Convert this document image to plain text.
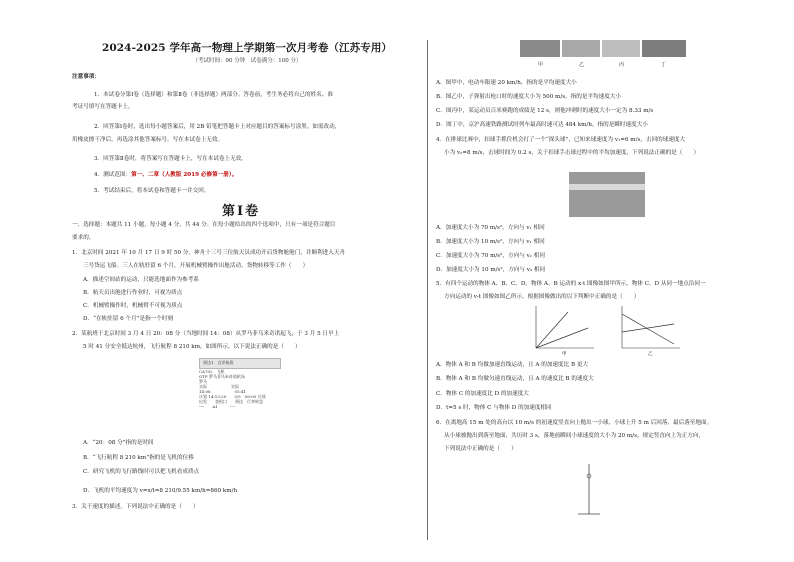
2024-2025 学年高一物理上学期第一次月考卷（江苏专用）
（考试时间：90 分钟　试卷满分：100 分）
注意事项：
1．本试卷分第Ⅰ卷（选择题）和第Ⅱ卷（非选择题）两部分。答卷前，考生务必将自己的姓名、准
考证号填写在答题卡上。
2．回答第Ⅰ卷时，选出每小题答案后，用 2B 铅笔把答题卡上对应题目的答案标号涂黑。如需改动，
用橡皮擦干净后，再选涂其他答案标号。写在本试卷上无效。
3．回答第Ⅱ卷时，将答案写在答题卡上，写在本试卷上无效。
4．测试范围：第一、二章（人教版 2019 必修第一册）。
5．考试结束后，将本试卷和答题卡一并交回。
第Ⅰ卷
一、选择题：本题共 11 小题，每小题 4 分，共 44 分。在每小题给出的四个选项中，只有一项是符合题目
要求的。
1．北京时间 2021 年 10 月 17 日 9 时 50 分，神舟十三号三位航天员成功开启货物舱舱门，并顺利进入天舟
三号货运飞船。三人在轨驻留 6 个月，开展机械臂操作出舱活动、货物转移等工作（　　）
A．描述空间站的运动，只能选地面作为参考系
B．航天员出舱进行作业时，可视为质点
C．机械臂操作时，机械臂不可视为质点
D．“在轨驻留 6 个月”是指一个时刻
2．某航班于北京时间 3 月 4 日 20：08 分（当地时间 14：08）从罗马菲乌米奇诺起飞，于 3 月 5 日早上
5 时 41 分安全抵达杭州，飞行航程 8 210 km，如图所示，以下说法正确的是（　　）
到达1　点评航班
CA702　飞机
OTP 罗马菲乌米奇诺机场
罗马
实际　　　　　　实际
14:08　　　　　　05:41
计划 14:13:20　　3/5　08:00 计划
出发　　登机口　　到达　行李转盘
----　　A1　　　----
A．“20：08 分”指的是时间
B．“飞行航程 8 210 km”指的是飞机的位移
C．研究飞机的飞行路线时可以把飞机看成质点
D．飞机的平均速度为 v=x/t=8 210/9.55 km/h=860 km/h
3．关于速度的描述，下列说法中正确的是（　　）
甲	乙	丙	丁
A．图甲中，电动车限速 20 km/h，指的是平均速度大小
B．图乙中，子弹射出枪口时的速度大小为 500 m/s，指的是平均速度大小
C．图丙中，某运动员百米赛跑的成绩是 12 s，则他冲刺时的速度大小一定为 8.33 m/s
D．图丁中，京沪高速铁路测试时列车最高时速可达 484 km/h，指的是瞬时速度大小
4．在排球比赛中，扣球手抓住机会打了一个“探头球”，已知来球速度为 v₁=6 m/s，击回的球速度大
小为 v₂=8 m/s，击球时间为 0.2 s，关于扣球手击球过程中的平均加速度，下列说法正确的是（　　）
A．加速度大小为 70 m/s²，方向与 v₁ 相同
B．加速度大小为 10 m/s²，方向与 v₁ 相同
C．加速度大小为 70 m/s²，方向与 v₂ 相同
D．加速度大小为 10 m/s²，方向与 v₂ 相同
5．有四个运动的物体 A、B、C、D，物体 A、B 运动的 x-t 图像如图甲所示，物体 C、D 从同一地点沿同一
方向运动的 v-t 图像如图乙所示。根据图像做出的以下判断中正确的是（　　）
甲	乙
A．物体 A 和 B 均做加速直线运动，且 A 的加速度比 B 更大
B．物体 A 和 B 均做匀速直线运动，且 A 的速度比 B 的速度大
C．物体 C 的加速度比 D 的加速度大
D．t=5 s 时，物体 C 与物体 D 的加速度相同
6．在离地高 15 m 处的高台以 10 m/s 的初速度竖直向上抛出一小球，小球上升 5 m 后回落，最后落至地面。
从小球被抛出到落至地面，共历时 3 s，落地前瞬间小球速度的大小为 20 m/s。规定竖直向上为正方向，
下列说法中正确的是（　　）
